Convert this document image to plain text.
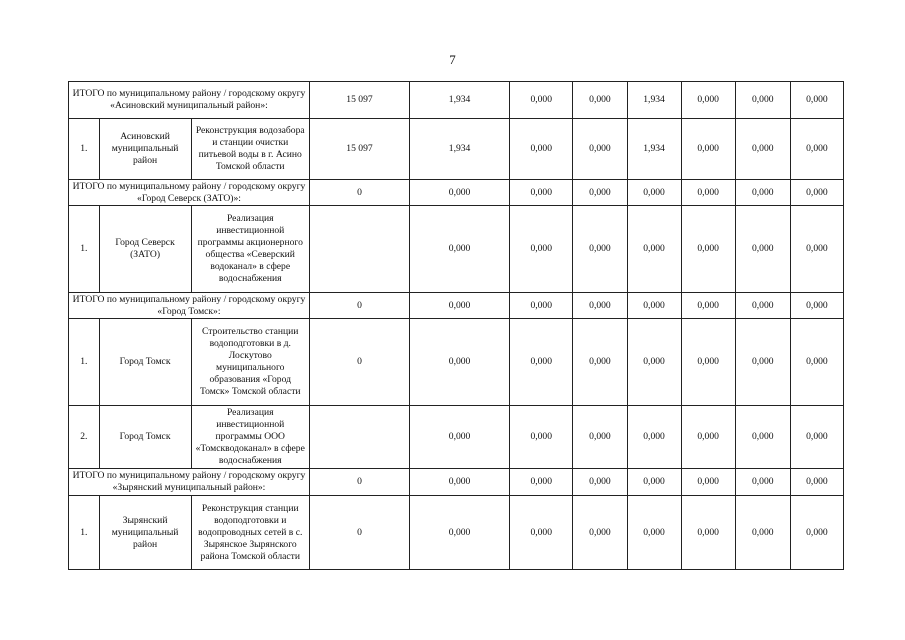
7
ИТОГО по муниципальному району / городскому округу «Асиновский муниципальный район»:			15 097	1,934	0,000	0,000	1,934	0,000	0,000	0,000
1.	Асиновский муниципальный район	Реконструкция водозабора и станции очистки питьевой воды в г. Асино Томской области	15 097	1,934	0,000	0,000	1,934	0,000	0,000	0,000
ИТОГО по муниципальному району / городскому округу «Город Северск (ЗАТО)»:			0	0,000	0,000	0,000	0,000	0,000	0,000	0,000
1.	Город Северск (ЗАТО)	Реализация инвестиционной программы акционерного общества «Северский водоканал» в сфере водоснабжения		0,000	0,000	0,000	0,000	0,000	0,000	0,000
ИТОГО по муниципальному району / городскому округу «Город Томск»:			0	0,000	0,000	0,000	0,000	0,000	0,000	0,000
1.	Город Томск	Строительство станции водоподготовки в д. Лоскутово муниципального образования «Город Томск» Томской области	0	0,000	0,000	0,000	0,000	0,000	0,000	0,000
2.	Город Томск	Реализация инвестиционной программы ООО «Томскводоканал» в сфере водоснабжения		0,000	0,000	0,000	0,000	0,000	0,000	0,000
ИТОГО по муниципальному району / городскому округу «Зырянский муниципальный район»:			0	0,000	0,000	0,000	0,000	0,000	0,000	0,000
1.	Зырянский муниципальный район	Реконструкция станции водоподготовки и водопроводных сетей в с. Зырянское Зырянского района Томской области	0	0,000	0,000	0,000	0,000	0,000	0,000	0,000
